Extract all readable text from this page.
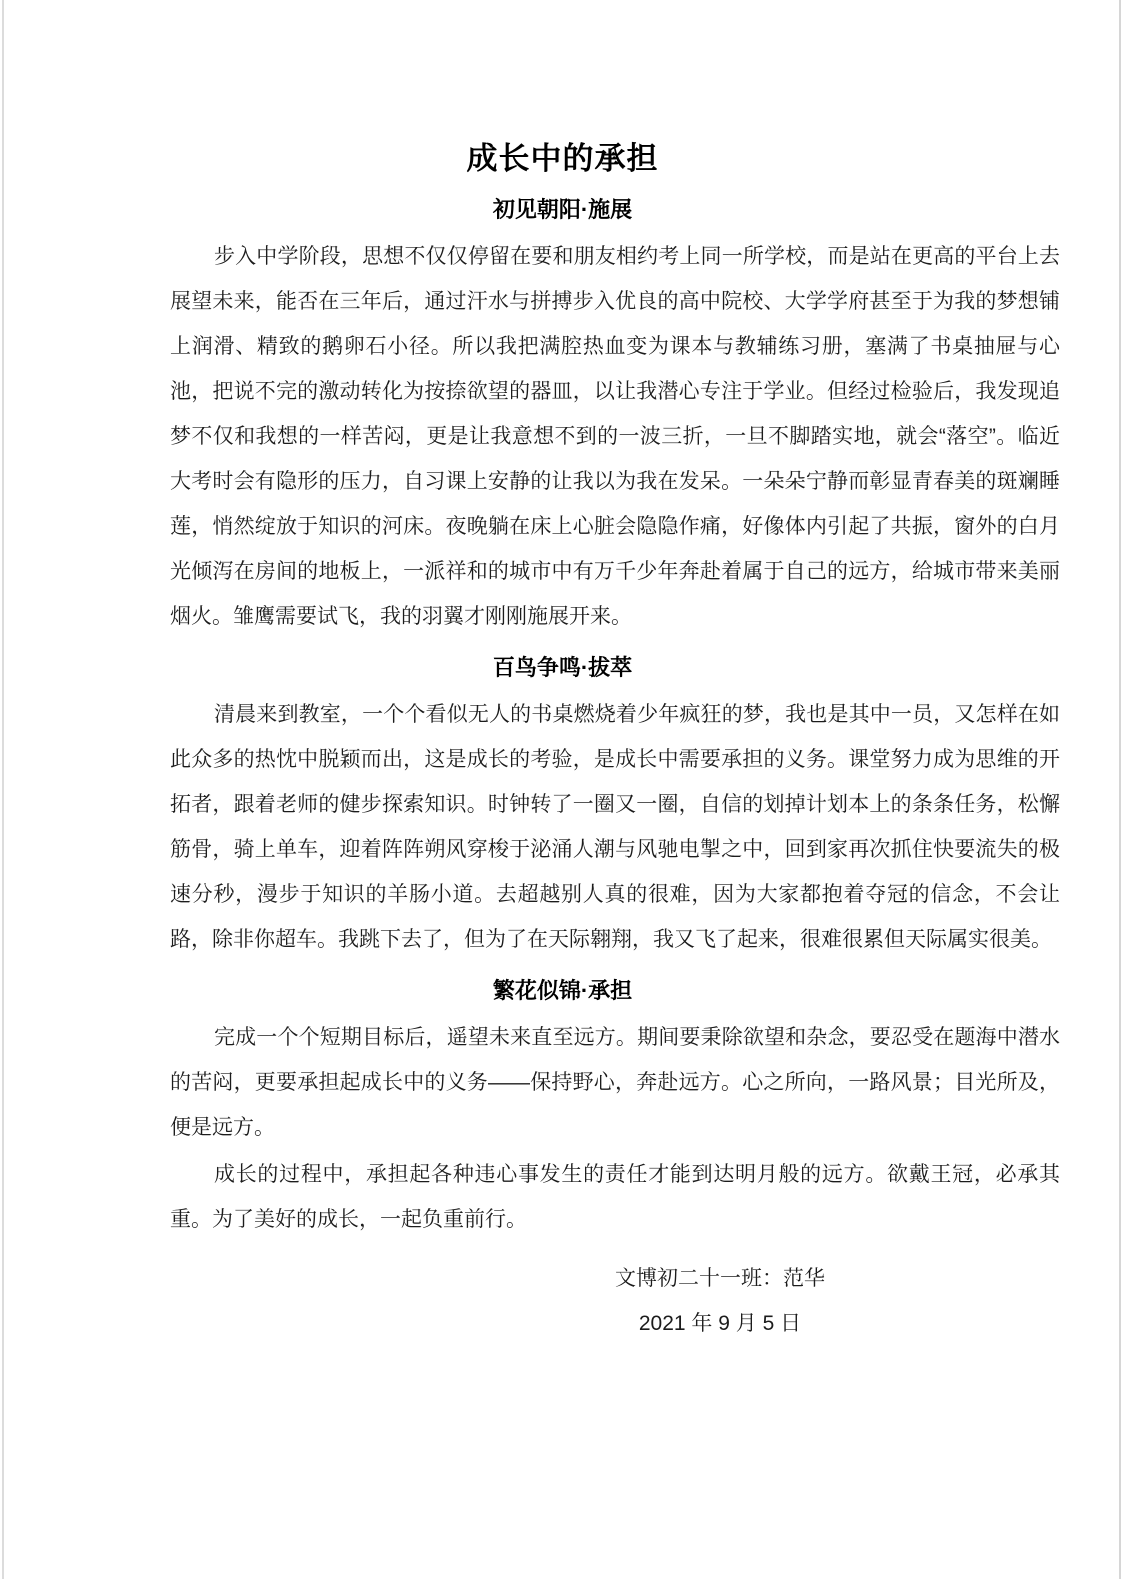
成长中的承担
初见朝阳·施展

步入中学阶段，思想不仅仅停留在要和朋友相约考上同一所学校，而是站在更高的平台上去展望未来，能否在三年后，通过汗水与拼搏步入优良的高中院校、大学学府甚至于为我的梦想铺上润滑、精致的鹅卵石小径。所以我把满腔热血变为课本与教辅练习册，塞满了书桌抽屉与心池，把说不完的激动转化为按捺欲望的器皿，以让我潜心专注于学业。但经过检验后，我发现追梦不仅和我想的一样苦闷，更是让我意想不到的一波三折，一旦不脚踏实地，就会“落空”。临近大考时会有隐形的压力，自习课上安静的让我以为我在发呆。一朵朵宁静而彰显青春美的斑斓睡莲，悄然绽放于知识的河床。夜晚躺在床上心脏会隐隐作痛，好像体内引起了共振，窗外的白月光倾泻在房间的地板上，一派祥和的城市中有万千少年奔赴着属于自己的远方，给城市带来美丽烟火。雏鹰需要试飞，我的羽翼才刚刚施展开来。

百鸟争鸣·拔萃

清晨来到教室，一个个看似无人的书桌燃烧着少年疯狂的梦，我也是其中一员，又怎样在如此众多的热忱中脱颖而出，这是成长的考验，是成长中需要承担的义务。课堂努力成为思维的开拓者，跟着老师的健步探索知识。时钟转了一圈又一圈，自信的划掉计划本上的条条任务，松懈筋骨，骑上单车，迎着阵阵朔风穿梭于泌涌人潮与风驰电掣之中，回到家再次抓住快要流失的极速分秒，漫步于知识的羊肠小道。去超越别人真的很难，因为大家都抱着夺冠的信念，不会让路，除非你超车。我跳下去了，但为了在天际翱翔，我又飞了起来，很难很累但天际属实很美。

繁花似锦·承担

完成一个个短期目标后，遥望未来直至远方。期间要秉除欲望和杂念，要忍受在题海中潜水的苦闷，更要承担起成长中的义务——保持野心，奔赴远方。心之所向，一路风景；目光所及，便是远方。

成长的过程中，承担起各种违心事发生的责任才能到达明月般的远方。欲戴王冠，必承其重。为了美好的成长，一起负重前行。

文博初二十一班：范华
2021 年 9 月 5 日
